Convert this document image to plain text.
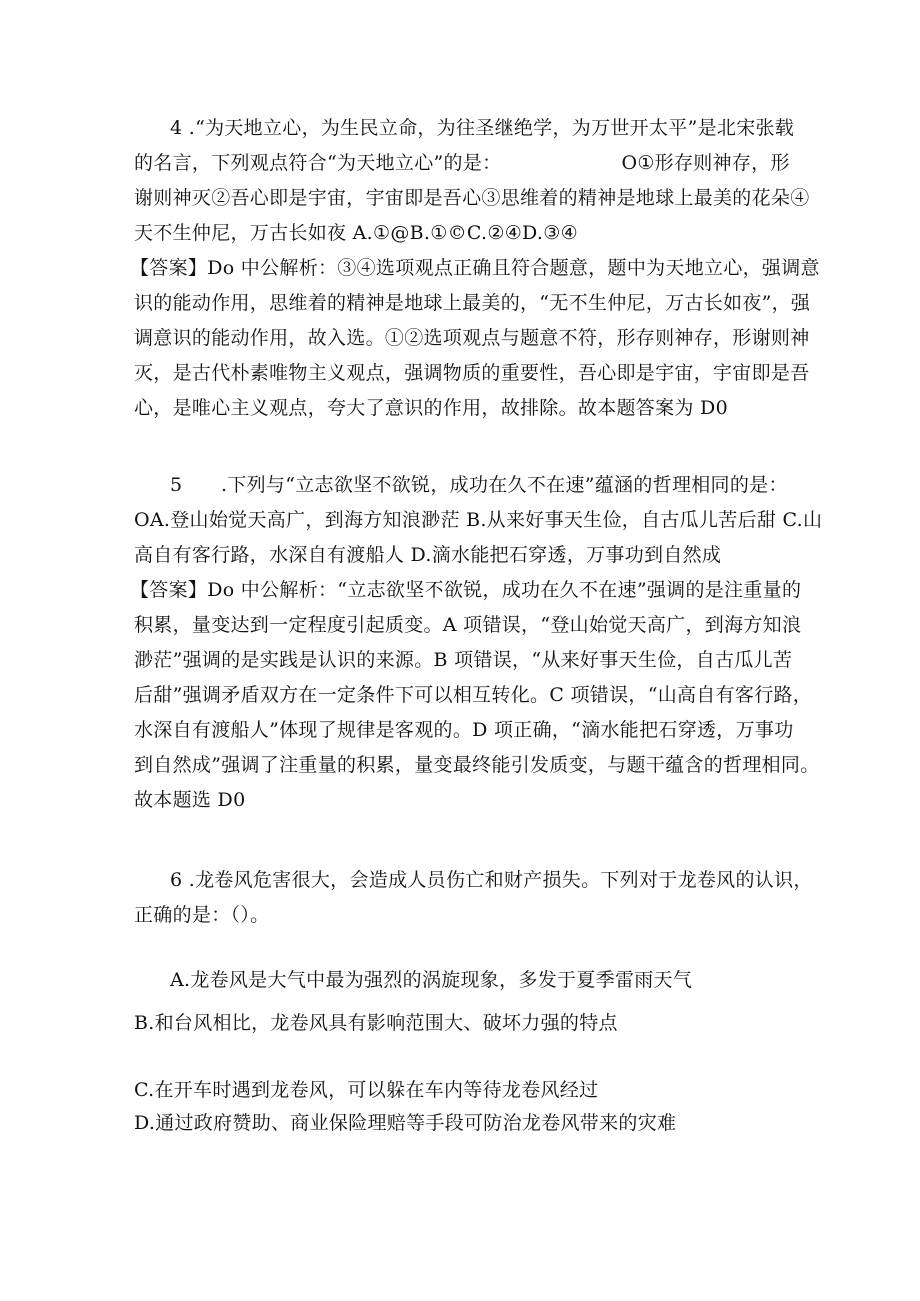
4 .“为天地立心，为生民立命，为往圣继绝学，为万世开太平”是北宋张载
的名言，下列观点符合“为天地立心”的是：	O①形存则神存，形
谢则神灭②吾心即是宇宙，宇宙即是吾心③思维着的精神是地球上最美的花朵④
天不生仲尼，万古长如夜 A.①@B.①©C.②④D.③④
【答案】Do 中公解析：③④选项观点正确且符合题意，题中为天地立心，强调意
识的能动作用，思维着的精神是地球上最美的，“无不生仲尼，万古长如夜”，强
调意识的能动作用，故入选。①②选项观点与题意不符，形存则神存，形谢则神
灭，是古代朴素唯物主义观点，强调物质的重要性，吾心即是宇宙，宇宙即是吾
心，是唯心主义观点，夸大了意识的作用，故排除。故本题答案为 D0
5　　.下列与“立志欲坚不欲锐，成功在久不在速”蕴涵的哲理相同的是：
OA.登山始觉天高广，到海方知浪渺茫 B.从来好事天生俭，自古瓜儿苦后甜 C.山
高自有客行路，水深自有渡船人 D.滴水能把石穿透，万事功到自然成
【答案】Do 中公解析：“立志欲坚不欲锐，成功在久不在速”强调的是注重量的
积累，量变达到一定程度引起质变。A 项错误，“登山始觉天高广，到海方知浪
渺茫”强调的是实践是认识的来源。B 项错误，“从来好事天生俭，自古瓜儿苦
后甜”强调矛盾双方在一定条件下可以相互转化。C 项错误，“山高自有客行路，
水深自有渡船人”体现了规律是客观的。D 项正确，“滴水能把石穿透，万事功
到自然成”强调了注重量的积累，量变最终能引发质变，与题干蕴含的哲理相同。
故本题选 D0
6 .龙卷风危害很大，会造成人员伤亡和财产损失。下列对于龙卷风的认识，
正确的是：（）。
A.龙卷风是大气中最为强烈的涡旋现象，多发于夏季雷雨天气
B.和台风相比，龙卷风具有影响范围大、破坏力强的特点
C.在开车时遇到龙卷风，可以躲在车内等待龙卷风经过
D.通过政府赞助、商业保险理赔等手段可防治龙卷风带来的灾难
